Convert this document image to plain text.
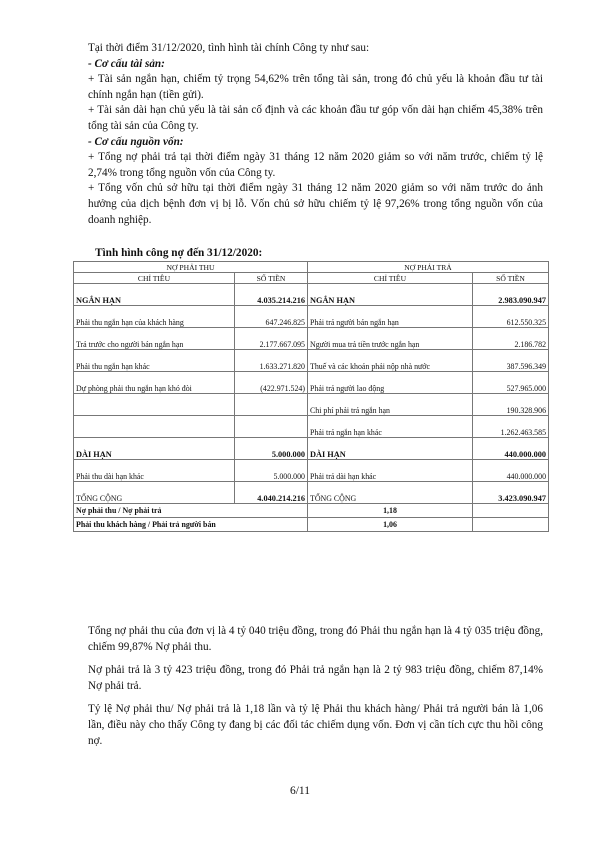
Tại thời điểm 31/12/2020, tình hình tài chính Công ty như sau:

- Cơ cấu tài sản:

+ Tài sản ngắn hạn, chiếm tỷ trọng 54,62% trên tổng tài sản, trong đó chủ yếu là khoản đầu tư tài chính ngắn hạn (tiền gửi).

+ Tài sản dài hạn chủ yếu là tài sản cố định và các khoản đầu tư góp vốn dài hạn chiếm 45,38% trên tổng tài sản của Công ty.

- Cơ cấu nguồn vốn:

+ Tổng nợ phải trả tại thời điểm ngày 31 tháng 12 năm 2020 giảm so với năm trước, chiếm tỷ lệ 2,74% trong tổng nguồn vốn của Công ty.

+ Tổng vốn chủ sở hữu tại thời điểm ngày 31 tháng 12 năm 2020 giảm so với năm trước do ảnh hưởng của dịch bệnh đơn vị bị lỗ. Vốn chủ sở hữu chiếm tỷ lệ 97,26% trong tổng nguồn vốn của doanh nghiệp.

Tình hình công nợ đến 31/12/2020:
NỢ PHẢI THU		NỢ PHẢI TRẢ	
CHỈ TIÊU	SỐ TIỀN	CHỈ TIÊU	SỐ TIỀN
NGẮN HẠN	4.035.214.216	NGẮN HẠN	2.983.090.947
Phải thu ngắn hạn của khách hàng	647.246.825	Phải trả người bán ngắn hạn	612.550.325
Trả trước cho người bán ngắn hạn	2.177.667.095	Người mua trả tiền trước ngắn hạn	2.186.782
Phải thu ngắn hạn khác	1.633.271.820	Thuế và các khoản phải nộp nhà nước	387.596.349
Dự phòng phải thu ngắn hạn khó đòi	(422.971.524)	Phải trả người lao động	527.965.000
		Chi phí phải trả ngắn hạn	190.328.906
		Phải trả ngắn hạn khác	1.262.463.585
DÀI HẠN	5.000.000	DÀI HẠN	440.000.000
Phải thu dài hạn khác	5.000.000	Phải trả dài hạn khác	440.000.000
TỔNG CỘNG	4.040.214.216	TỔNG CỘNG	3.423.090.947
Nợ phải thu / Nợ phải trả		1,18	
Phải thu khách hàng / Phải trả người bán		1,06	

Tổng nợ phải thu của đơn vị là 4 tỷ 040 triệu đồng, trong đó Phải thu ngắn hạn là 4 tỷ 035 triệu đồng, chiếm 99,87% Nợ phải thu.

Nợ phải trả là 3 tỷ 423 triệu đồng, trong đó Phải trả ngắn hạn là 2 tỷ 983 triệu đồng, chiếm 87,14% Nợ phải trả.

Tỷ lệ Nợ phải thu/ Nợ phải trả là 1,18 lần và tỷ lệ Phải thu khách hàng/ Phải trả người bán là 1,06 lần, điều này cho thấy Công ty đang bị các đối tác chiếm dụng vốn. Đơn vị cần tích cực thu hồi công nợ.

6/11
